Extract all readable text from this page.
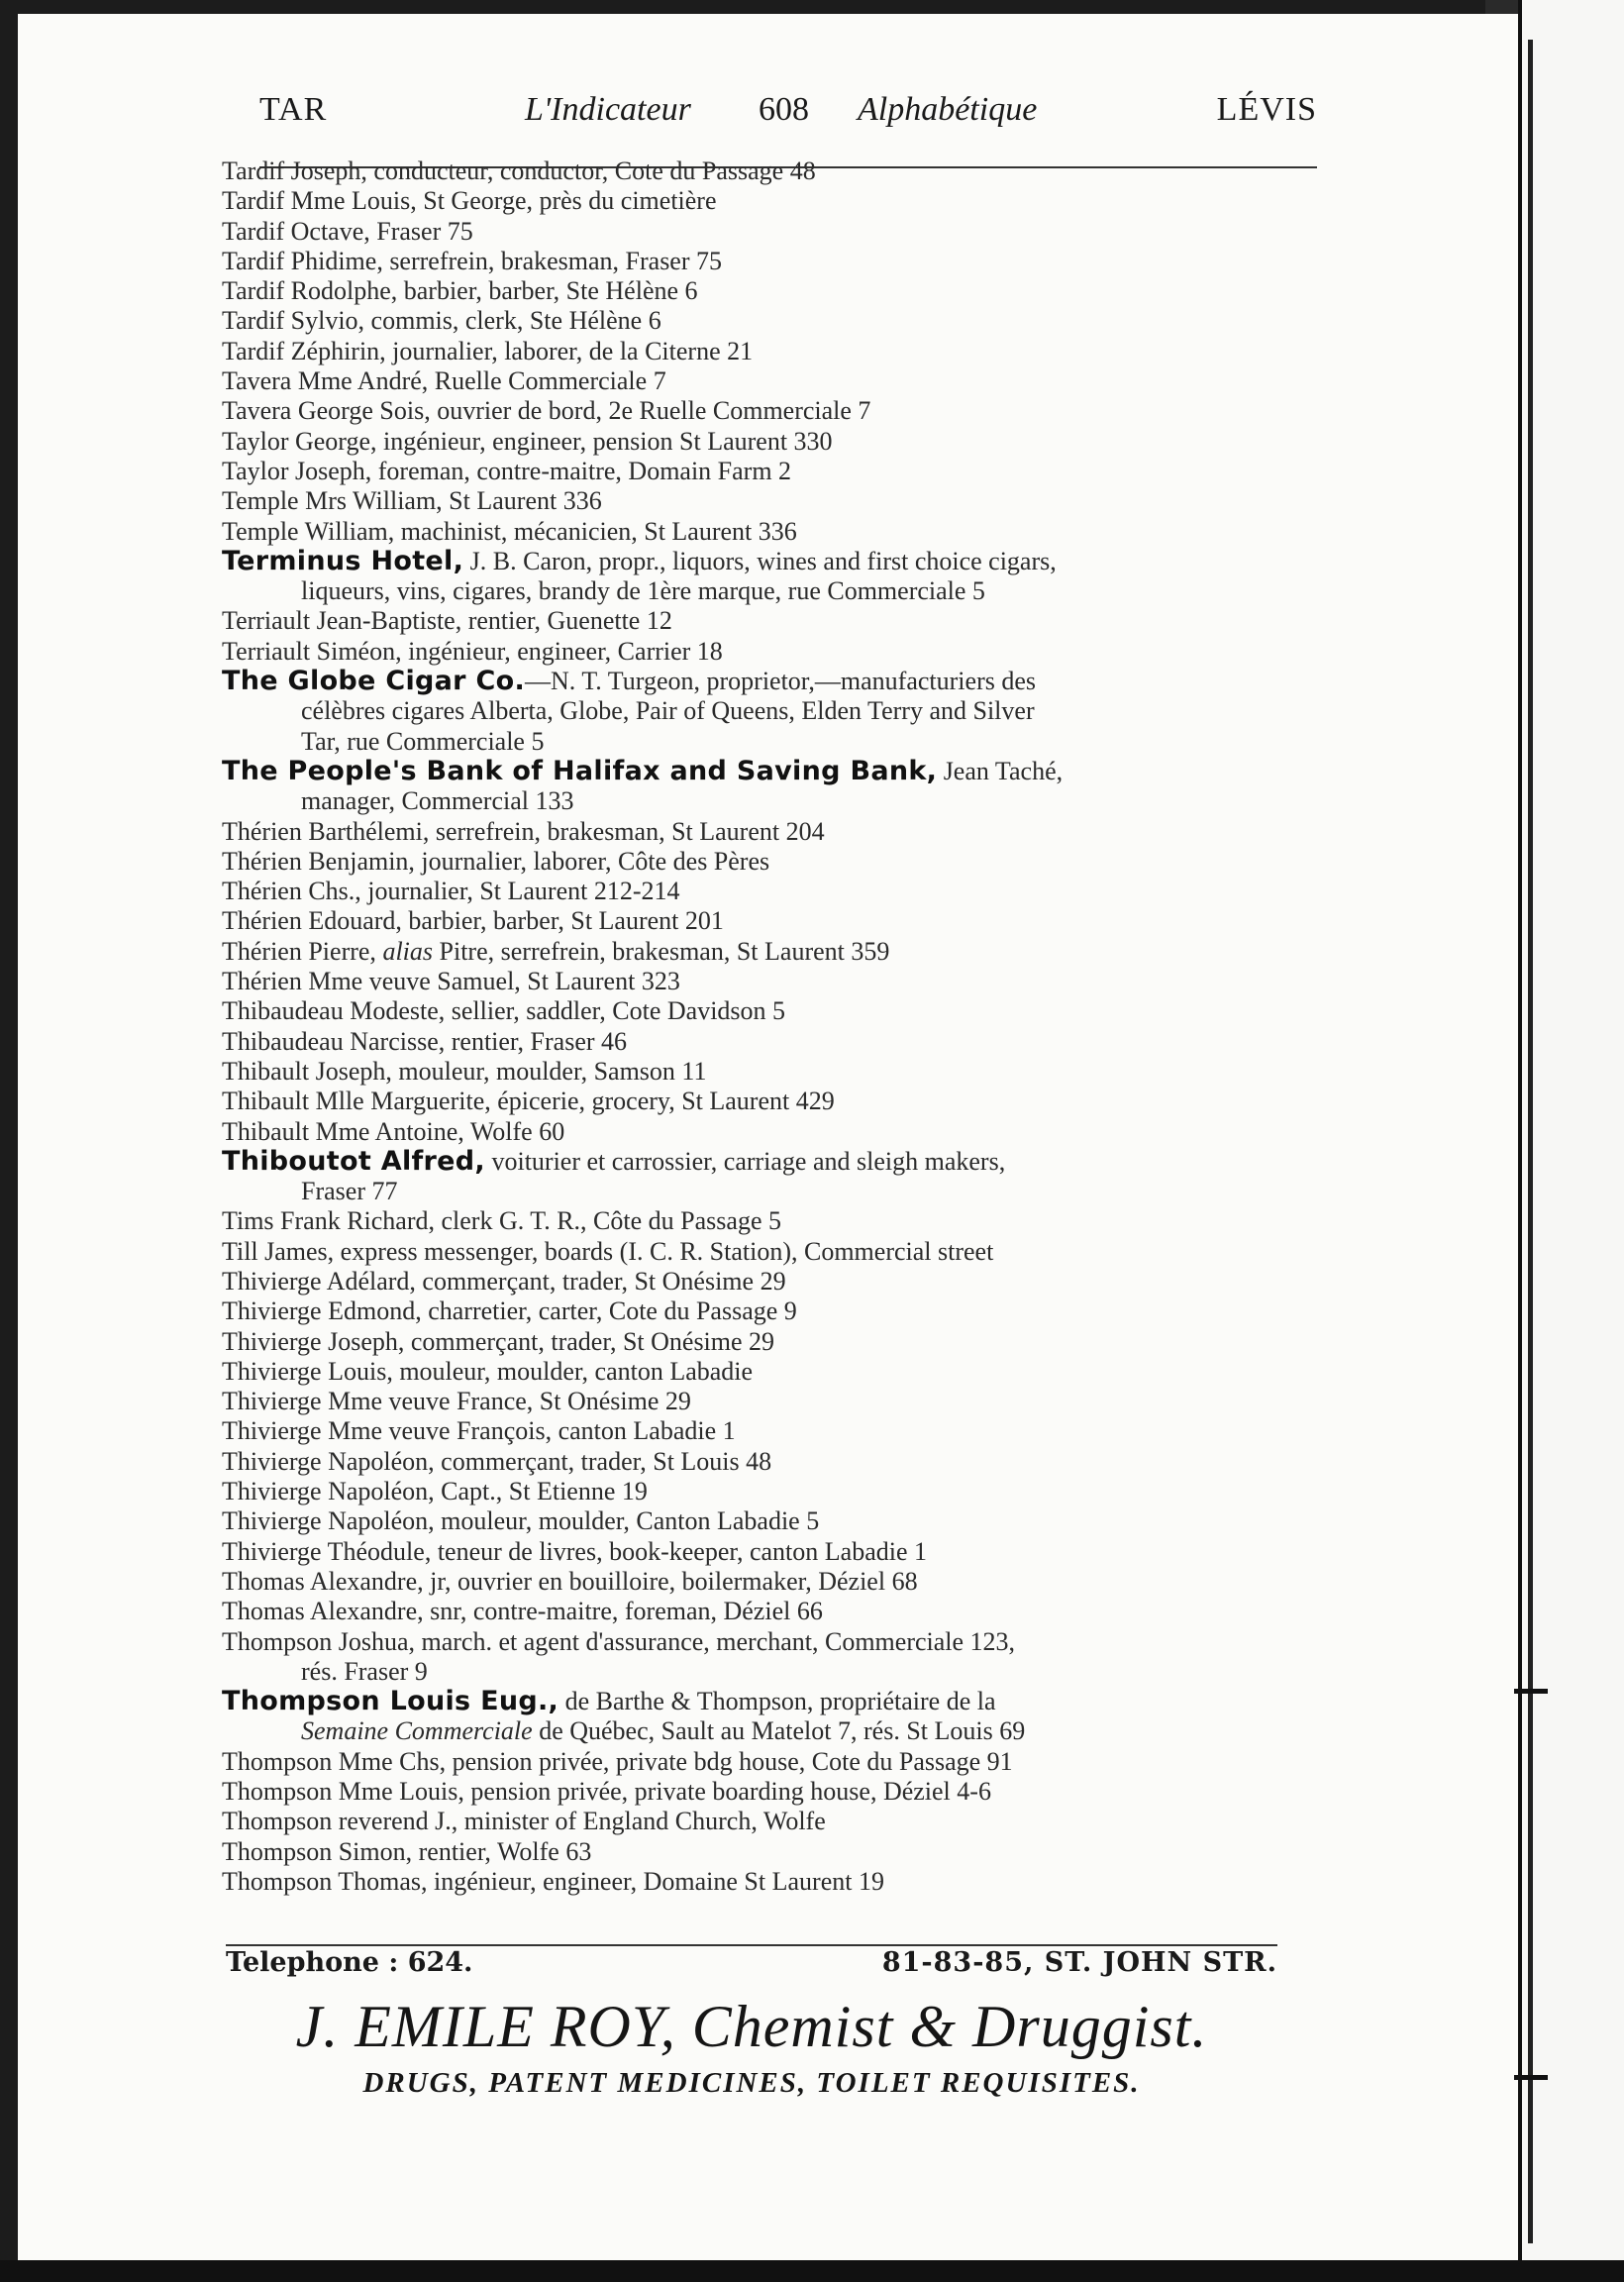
TAR	L'Indicateur 608 Alphabétique	LÉVIS
Tardif Joseph, conducteur, conductor, Cote du Passage 48
Tardif Mme Louis, St George, près du cimetière
Tardif Octave, Fraser 75
Tardif Phidime, serrefrein, brakesman, Fraser 75
Tardif Rodolphe, barbier, barber, Ste Hélène 6
Tardif Sylvio, commis, clerk, Ste Hélène 6
Tardif Zéphirin, journalier, laborer, de la Citerne 21
Tavera Mme André, Ruelle Commerciale 7
Tavera George Sois, ouvrier de bord, 2e Ruelle Commerciale 7
Taylor George, ingénieur, engineer, pension St Laurent 330
Taylor Joseph, foreman, contre-maitre, Domain Farm 2
Temple Mrs William, St Laurent 336
Temple William, machinist, mécanicien, St Laurent 336
Terminus Hotel, J. B. Caron, propr., liquors, wines and first choice cigars,
liqueurs, vins, cigares, brandy de 1ère marque, rue Commerciale 5
Terriault Jean-Baptiste, rentier, Guenette 12
Terriault Siméon, ingénieur, engineer, Carrier 18
The Globe Cigar Co.—N. T. Turgeon, proprietor,—manufacturiers des
célèbres cigares Alberta, Globe, Pair of Queens, Elden Terry and Silver
Tar, rue Commerciale 5
The People's Bank of Halifax and Saving Bank, Jean Taché,
manager, Commercial 133
Thérien Barthélemi, serrefrein, brakesman, St Laurent 204
Thérien Benjamin, journalier, laborer, Côte des Pères
Thérien Chs., journalier, St Laurent 212-214
Thérien Edouard, barbier, barber, St Laurent 201
Thérien Pierre, alias Pitre, serrefrein, brakesman, St Laurent 359
Thérien Mme veuve Samuel, St Laurent 323
Thibaudeau Modeste, sellier, saddler, Cote Davidson 5
Thibaudeau Narcisse, rentier, Fraser 46
Thibault Joseph, mouleur, moulder, Samson 11
Thibault Mlle Marguerite, épicerie, grocery, St Laurent 429
Thibault Mme Antoine, Wolfe 60
Thiboutot Alfred, voiturier et carrossier, carriage and sleigh makers,
Fraser 77
Tims Frank Richard, clerk G. T. R., Côte du Passage 5
Till James, express messenger, boards (I. C. R. Station), Commercial street
Thivierge Adélard, commerçant, trader, St Onésime 29
Thivierge Edmond, charretier, carter, Cote du Passage 9
Thivierge Joseph, commerçant, trader, St Onésime 29
Thivierge Louis, mouleur, moulder, canton Labadie
Thivierge Mme veuve France, St Onésime 29
Thivierge Mme veuve François, canton Labadie 1
Thivierge Napoléon, commerçant, trader, St Louis 48
Thivierge Napoléon, Capt., St Etienne 19
Thivierge Napoléon, mouleur, moulder, Canton Labadie 5
Thivierge Théodule, teneur de livres, book-keeper, canton Labadie 1
Thomas Alexandre, jr, ouvrier en bouilloire, boilermaker, Déziel 68
Thomas Alexandre, snr, contre-maitre, foreman, Déziel 66
Thompson Joshua, march. et agent d'assurance, merchant, Commerciale 123,
rés. Fraser 9
Thompson Louis Eug., de Barthe & Thompson, propriétaire de la
Semaine Commerciale de Québec, Sault au Matelot 7, rés. St Louis 69
Thompson Mme Chs, pension privée, private bdg house, Cote du Passage 91
Thompson Mme Louis, pension privée, private boarding house, Déziel 4-6
Thompson reverend J., minister of England Church, Wolfe
Thompson Simon, rentier, Wolfe 63
Thompson Thomas, ingénieur, engineer, Domaine St Laurent 19
Telephone : 624.	81-83-85, ST. JOHN STR.
J. EMILE ROY, Chemist & Druggist.
DRUGS, PATENT MEDICINES, TOILET REQUISITES.
